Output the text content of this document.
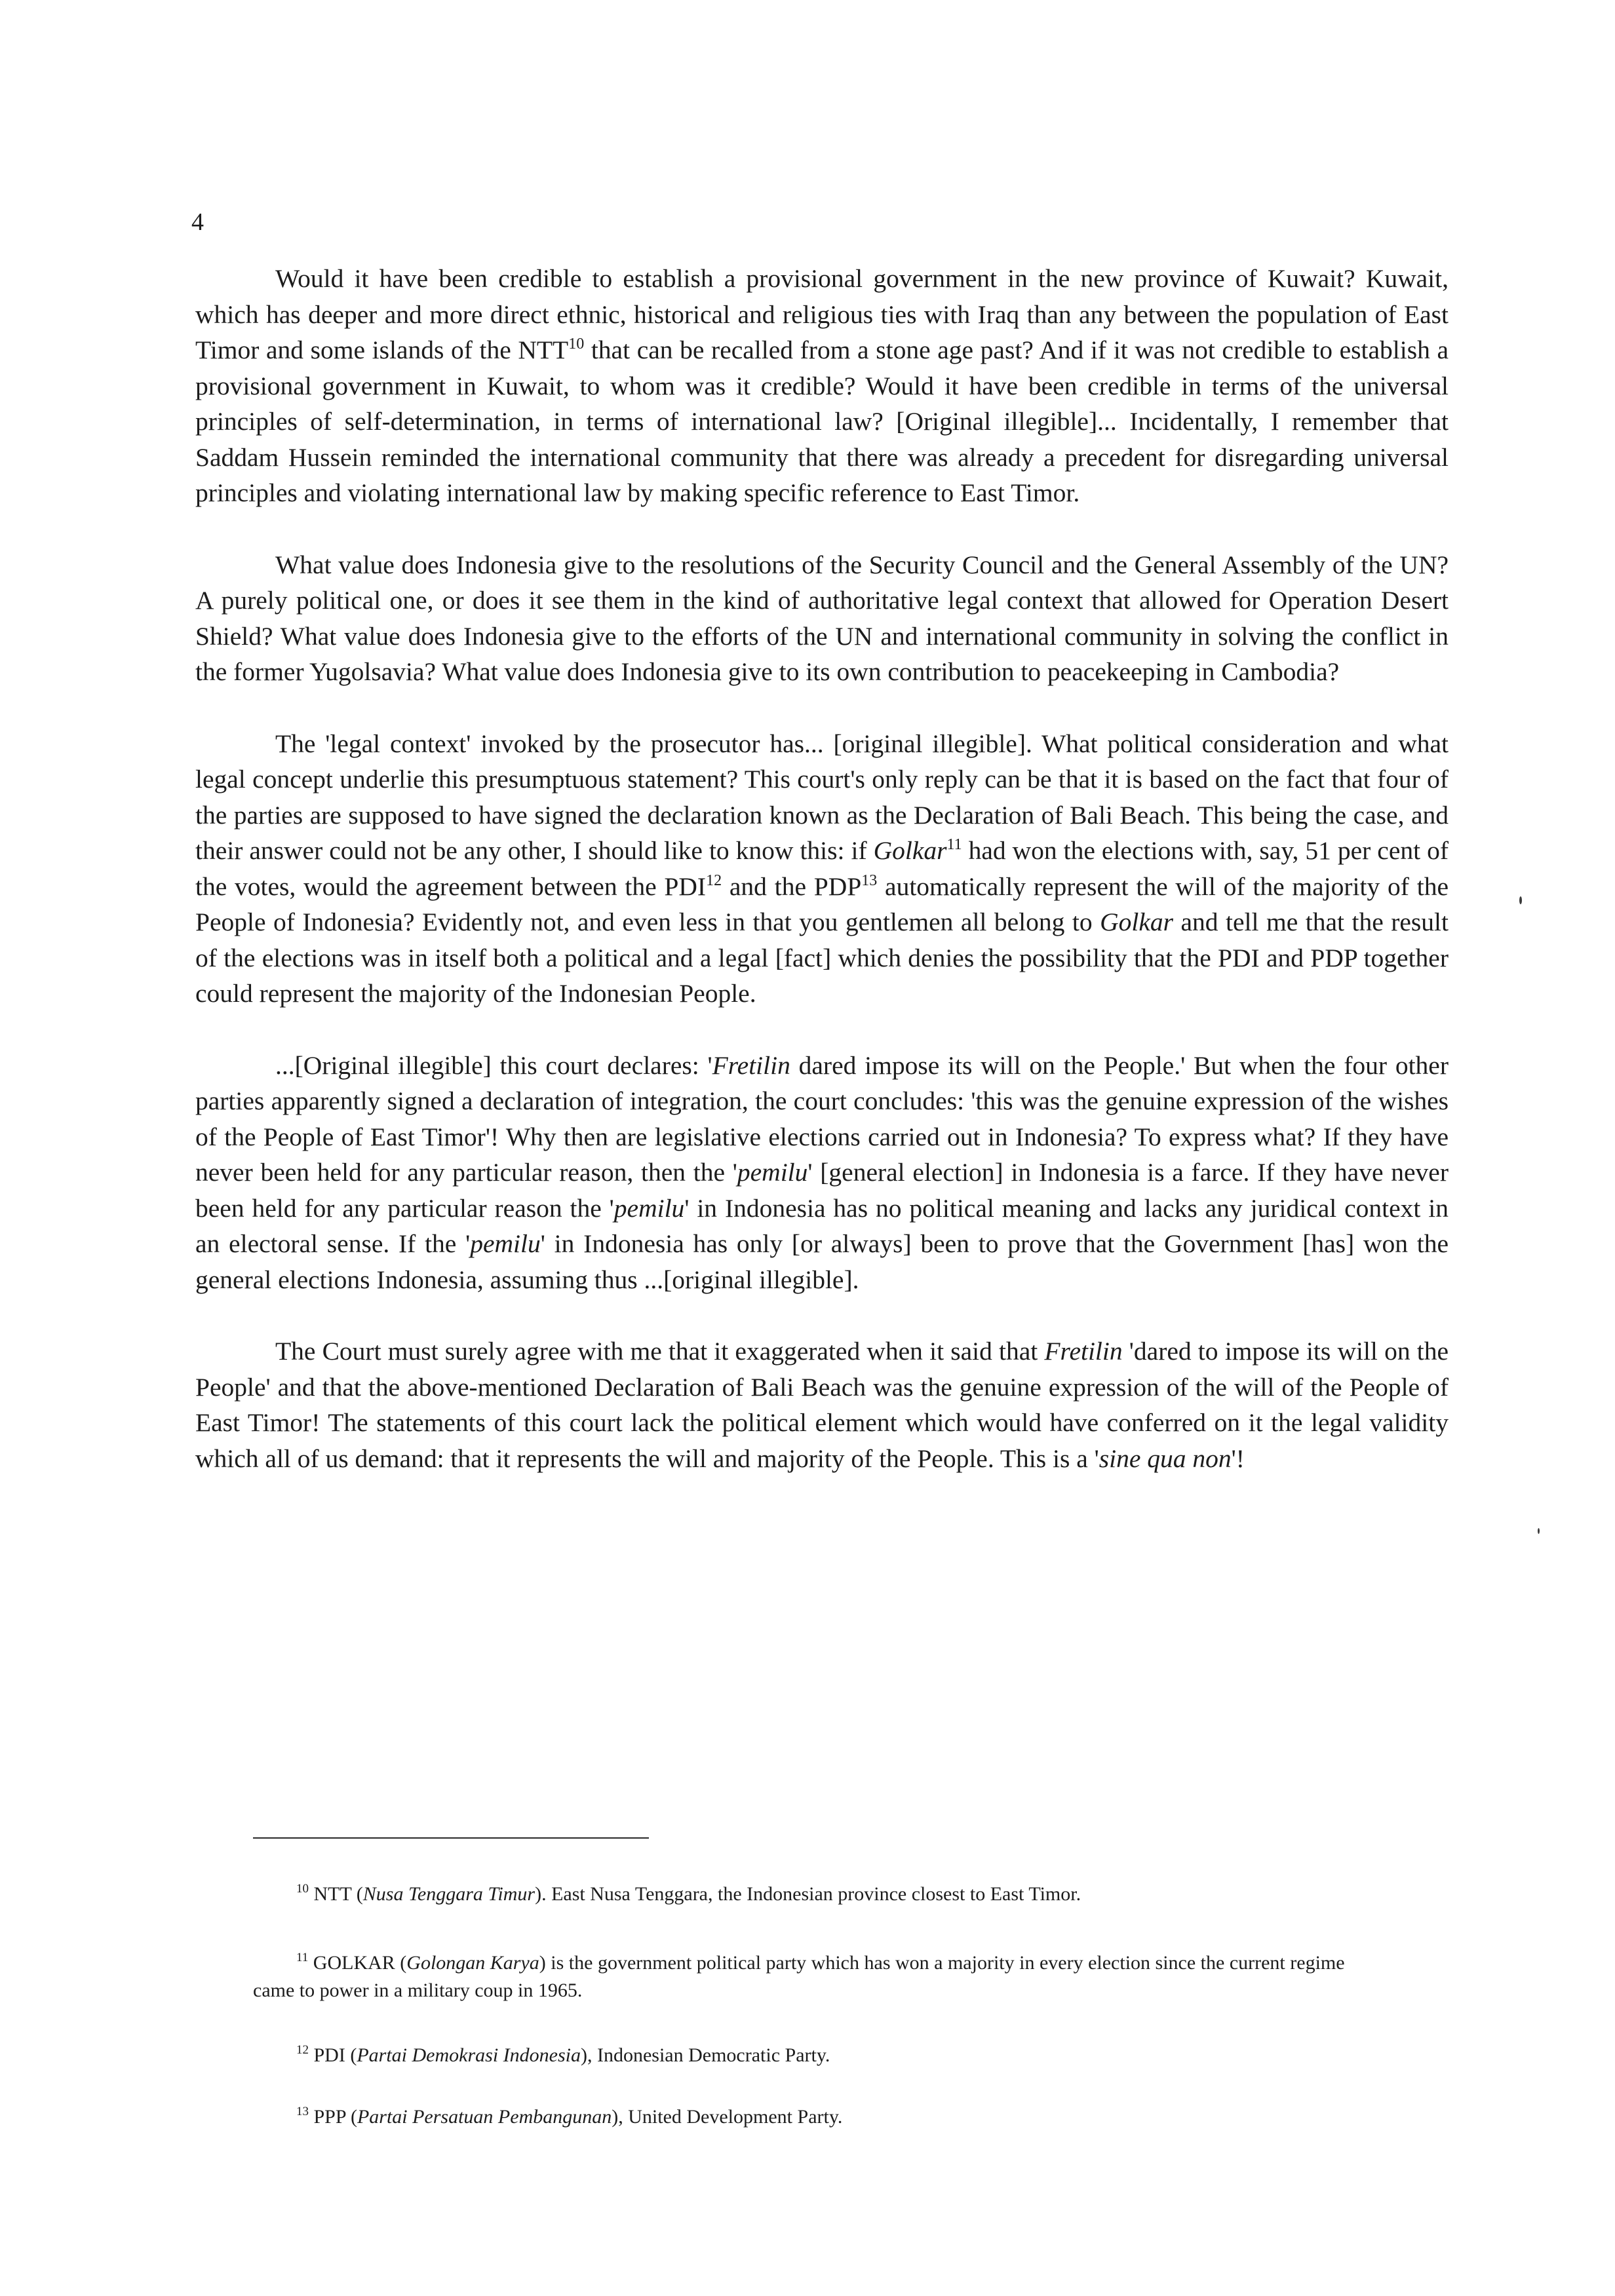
4

Would it have been credible to establish a provisional government in the new province of Kuwait? Kuwait, which has deeper and more direct ethnic, historical and religious ties with Iraq than any between the population of East Timor and some islands of the NTT$^{10}$ that can be recalled from a stone age past? And if it was not credible to establish a provisional government in Kuwait, to whom was it credible? Would it have been credible in terms of the universal principles of self-determination, in terms of international law? [Original illegible]... Incidentally, I remember that Saddam Hussein reminded the international community that there was already a precedent for disregarding universal principles and violating international law by making specific reference to East Timor.

What value does Indonesia give to the resolutions of the Security Council and the General Assembly of the UN? A purely political one, or does it see them in the kind of authoritative legal context that allowed for Operation Desert Shield? What value does Indonesia give to the efforts of the UN and international community in solving the conflict in the former Yugolsavia? What value does Indonesia give to its own contribution to peacekeeping in Cambodia?

The 'legal context' invoked by the prosecutor has... [original illegible]. What political consideration and what legal concept underlie this presumptuous statement? This court's only reply can be that it is based on the fact that four of the parties are supposed to have signed the declaration known as the Declaration of Bali Beach. This being the case, and their answer could not be any other, I should like to know this: if Golkar$^{11}$ had won the elections with, say, 51 per cent of the votes, would the agreement between the PDI$^{12}$ and the PDP$^{13}$ automatically represent the will of the majority of the People of Indonesia? Evidently not, and even less in that you gentlemen all belong to Golkar and tell me that the result of the elections was in itself both a political and a legal [fact] which denies the possibility that the PDI and PDP together could represent the majority of the Indonesian People.

...[Original illegible] this court declares: 'Fretilin dared impose its will on the People.' But when the four other parties apparently signed a declaration of integration, the court concludes: 'this was the genuine expression of the wishes of the People of East Timor'! Why then are legislative elections carried out in Indonesia? To express what? If they have never been held for any particular reason, then the 'pemilu' [general election] in Indonesia is a farce. If they have never been held for any particular reason the 'pemilu' in Indonesia has no political meaning and lacks any juridical context in an electoral sense. If the 'pemilu' in Indonesia has only [or always] been to prove that the Government [has] won the general elections Indonesia, assuming thus ...[original illegible].

The Court must surely agree with me that it exaggerated when it said that Fretilin 'dared to impose its will on the People' and that the above-mentioned Declaration of Bali Beach was the genuine expression of the will of the People of East Timor! The statements of this court lack the political element which would have conferred on it the legal validity which all of us demand: that it represents the will and majority of the People. This is a 'sine qua non'!

$^{10}$ NTT (Nusa Tenggara Timur). East Nusa Tenggara, the Indonesian province closest to East Timor.

$^{11}$ GOLKAR (Golongan Karya) is the government political party which has won a majority in every election since the current regime came to power in a military coup in 1965.

$^{12}$ PDI (Partai Demokrasi Indonesia), Indonesian Democratic Party.

$^{13}$ PPP (Partai Persatuan Pembangunan), United Development Party.
